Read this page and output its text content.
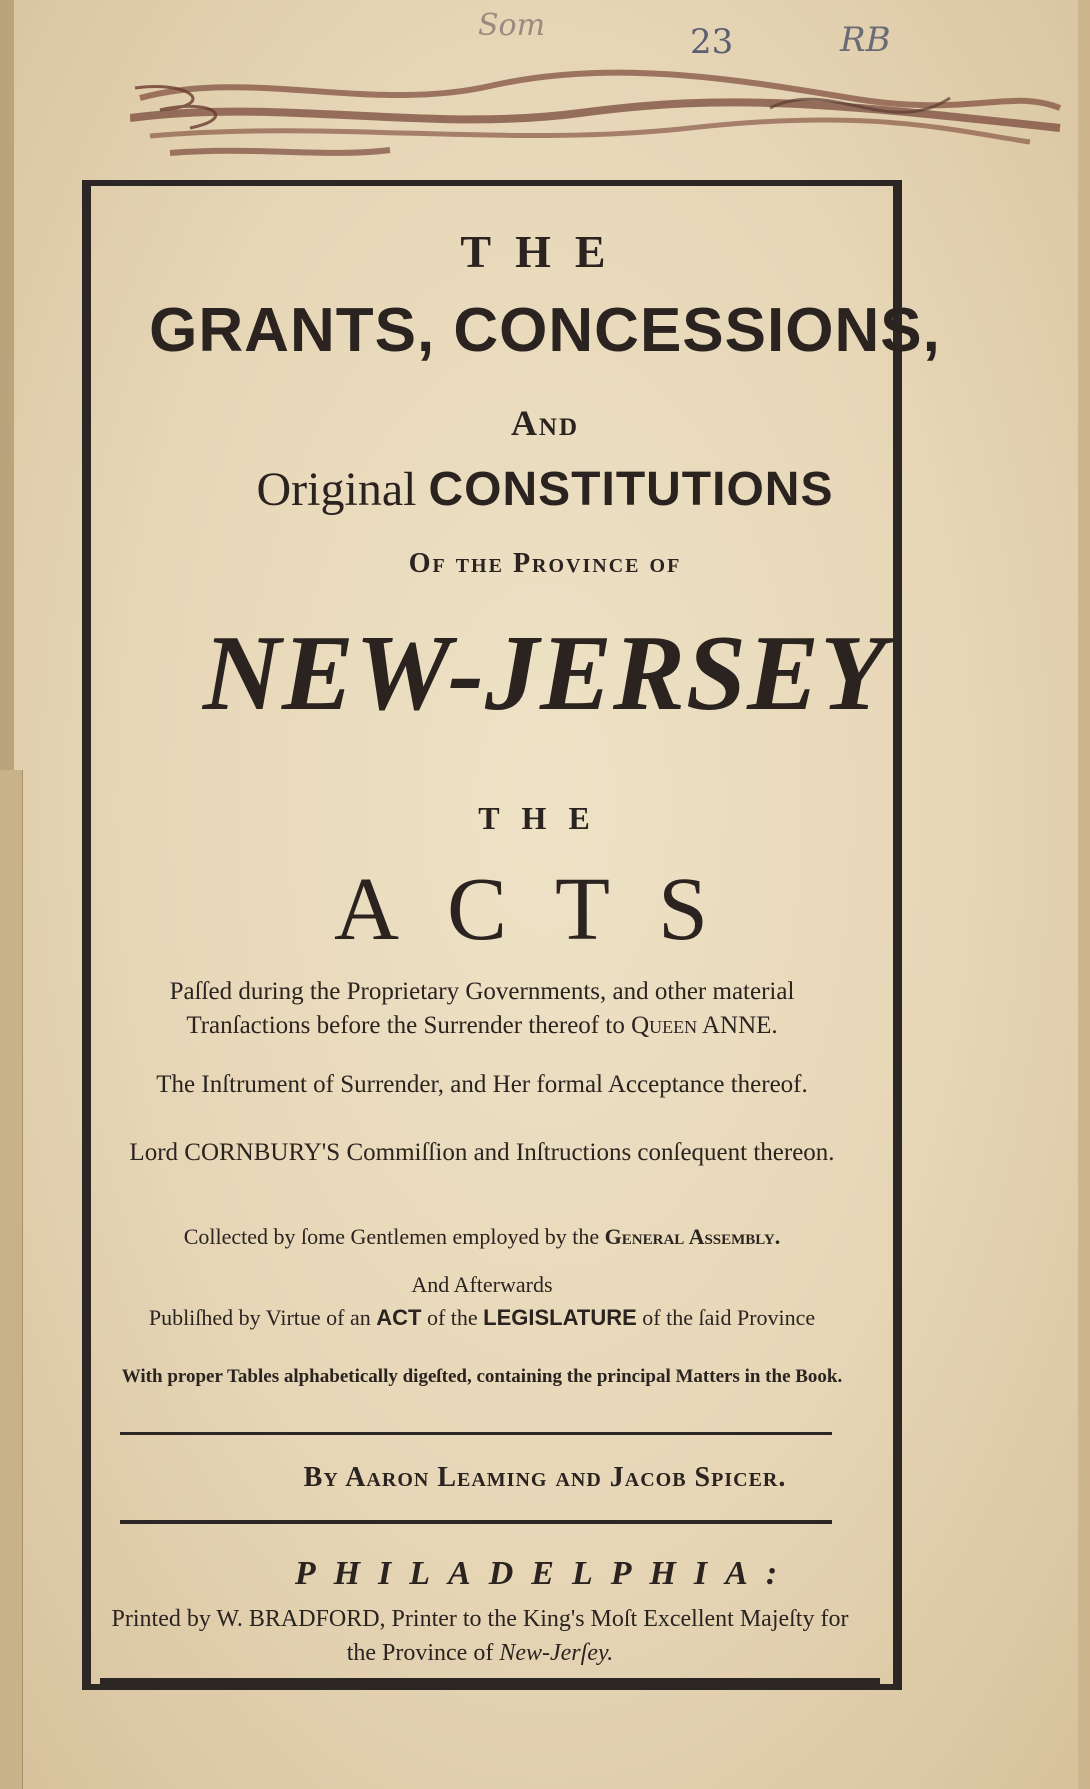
Som	23	RB
THE
GRANTS, CONCESSIONS,
And
Original CONSTITUTIONS
Of the Province of
NEW-JERSEY
THE
ACTS
Paſſed during the Proprietary Governments, and other material Tranſactions before the Surrender thereof to Queen ANNE.
The Inſtrument of Surrender, and Her formal Acceptance thereof.
Lord CORNBURY'S Commiſſion and Inſtructions conſequent thereon.
Collected by ſome Gentlemen employed by the General Assembly.
And Afterwards
Publiſhed by Virtue of an ACT of the LEGISLATURE of the ſaid Province
With proper Tables alphabetically digeſted, containing the principal Matters in the Book.
By Aaron Leaming and Jacob Spicer.
PHILADELPHIA:
Printed by W. BRADFORD, Printer to the King's Moſt Excellent Majeſty for the Province of New-Jerſey.
